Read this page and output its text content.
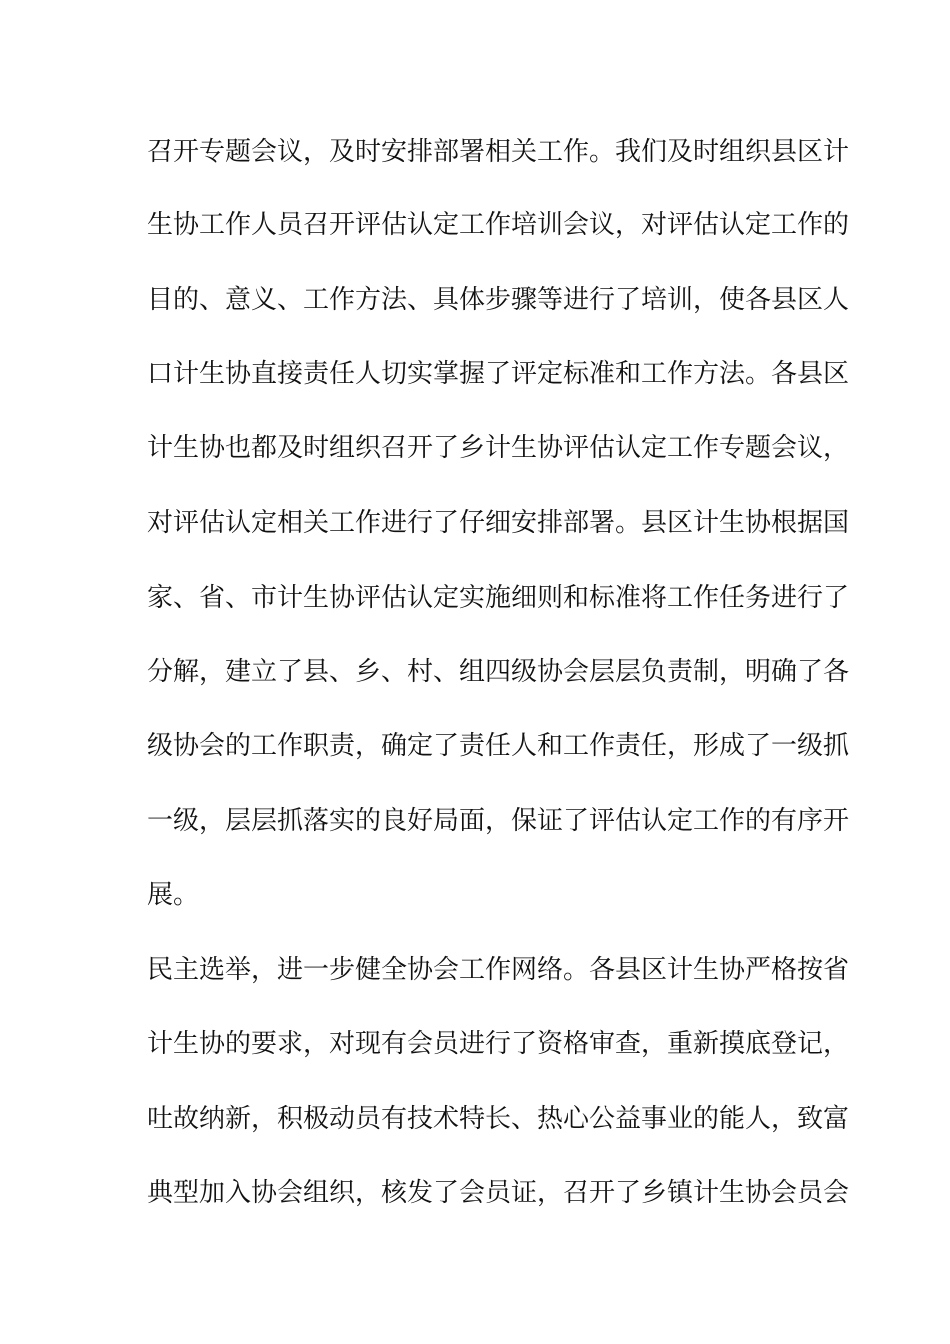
召开专题会议，及时安排部署相关工作。我们及时组织县区计
生协工作人员召开评估认定工作培训会议，对评估认定工作的
目的、意义、工作方法、具体步骤等进行了培训，使各县区人
口计生协直接责任人切实掌握了评定标准和工作方法。各县区
计生协也都及时组织召开了乡计生协评估认定工作专题会议，
对评估认定相关工作进行了仔细安排部署。县区计生协根据国
家、省、市计生协评估认定实施细则和标准将工作任务进行了
分解，建立了县、乡、村、组四级协会层层负责制，明确了各
级协会的工作职责，确定了责任人和工作责任，形成了一级抓
一级，层层抓落实的良好局面，保证了评估认定工作的有序开
展。
民主选举，进一步健全协会工作网络。各县区计生协严格按省
计生协的要求，对现有会员进行了资格审查，重新摸底登记，
吐故纳新，积极动员有技术特长、热心公益事业的能人，致富
典型加入协会组织，核发了会员证，召开了乡镇计生协会员会
